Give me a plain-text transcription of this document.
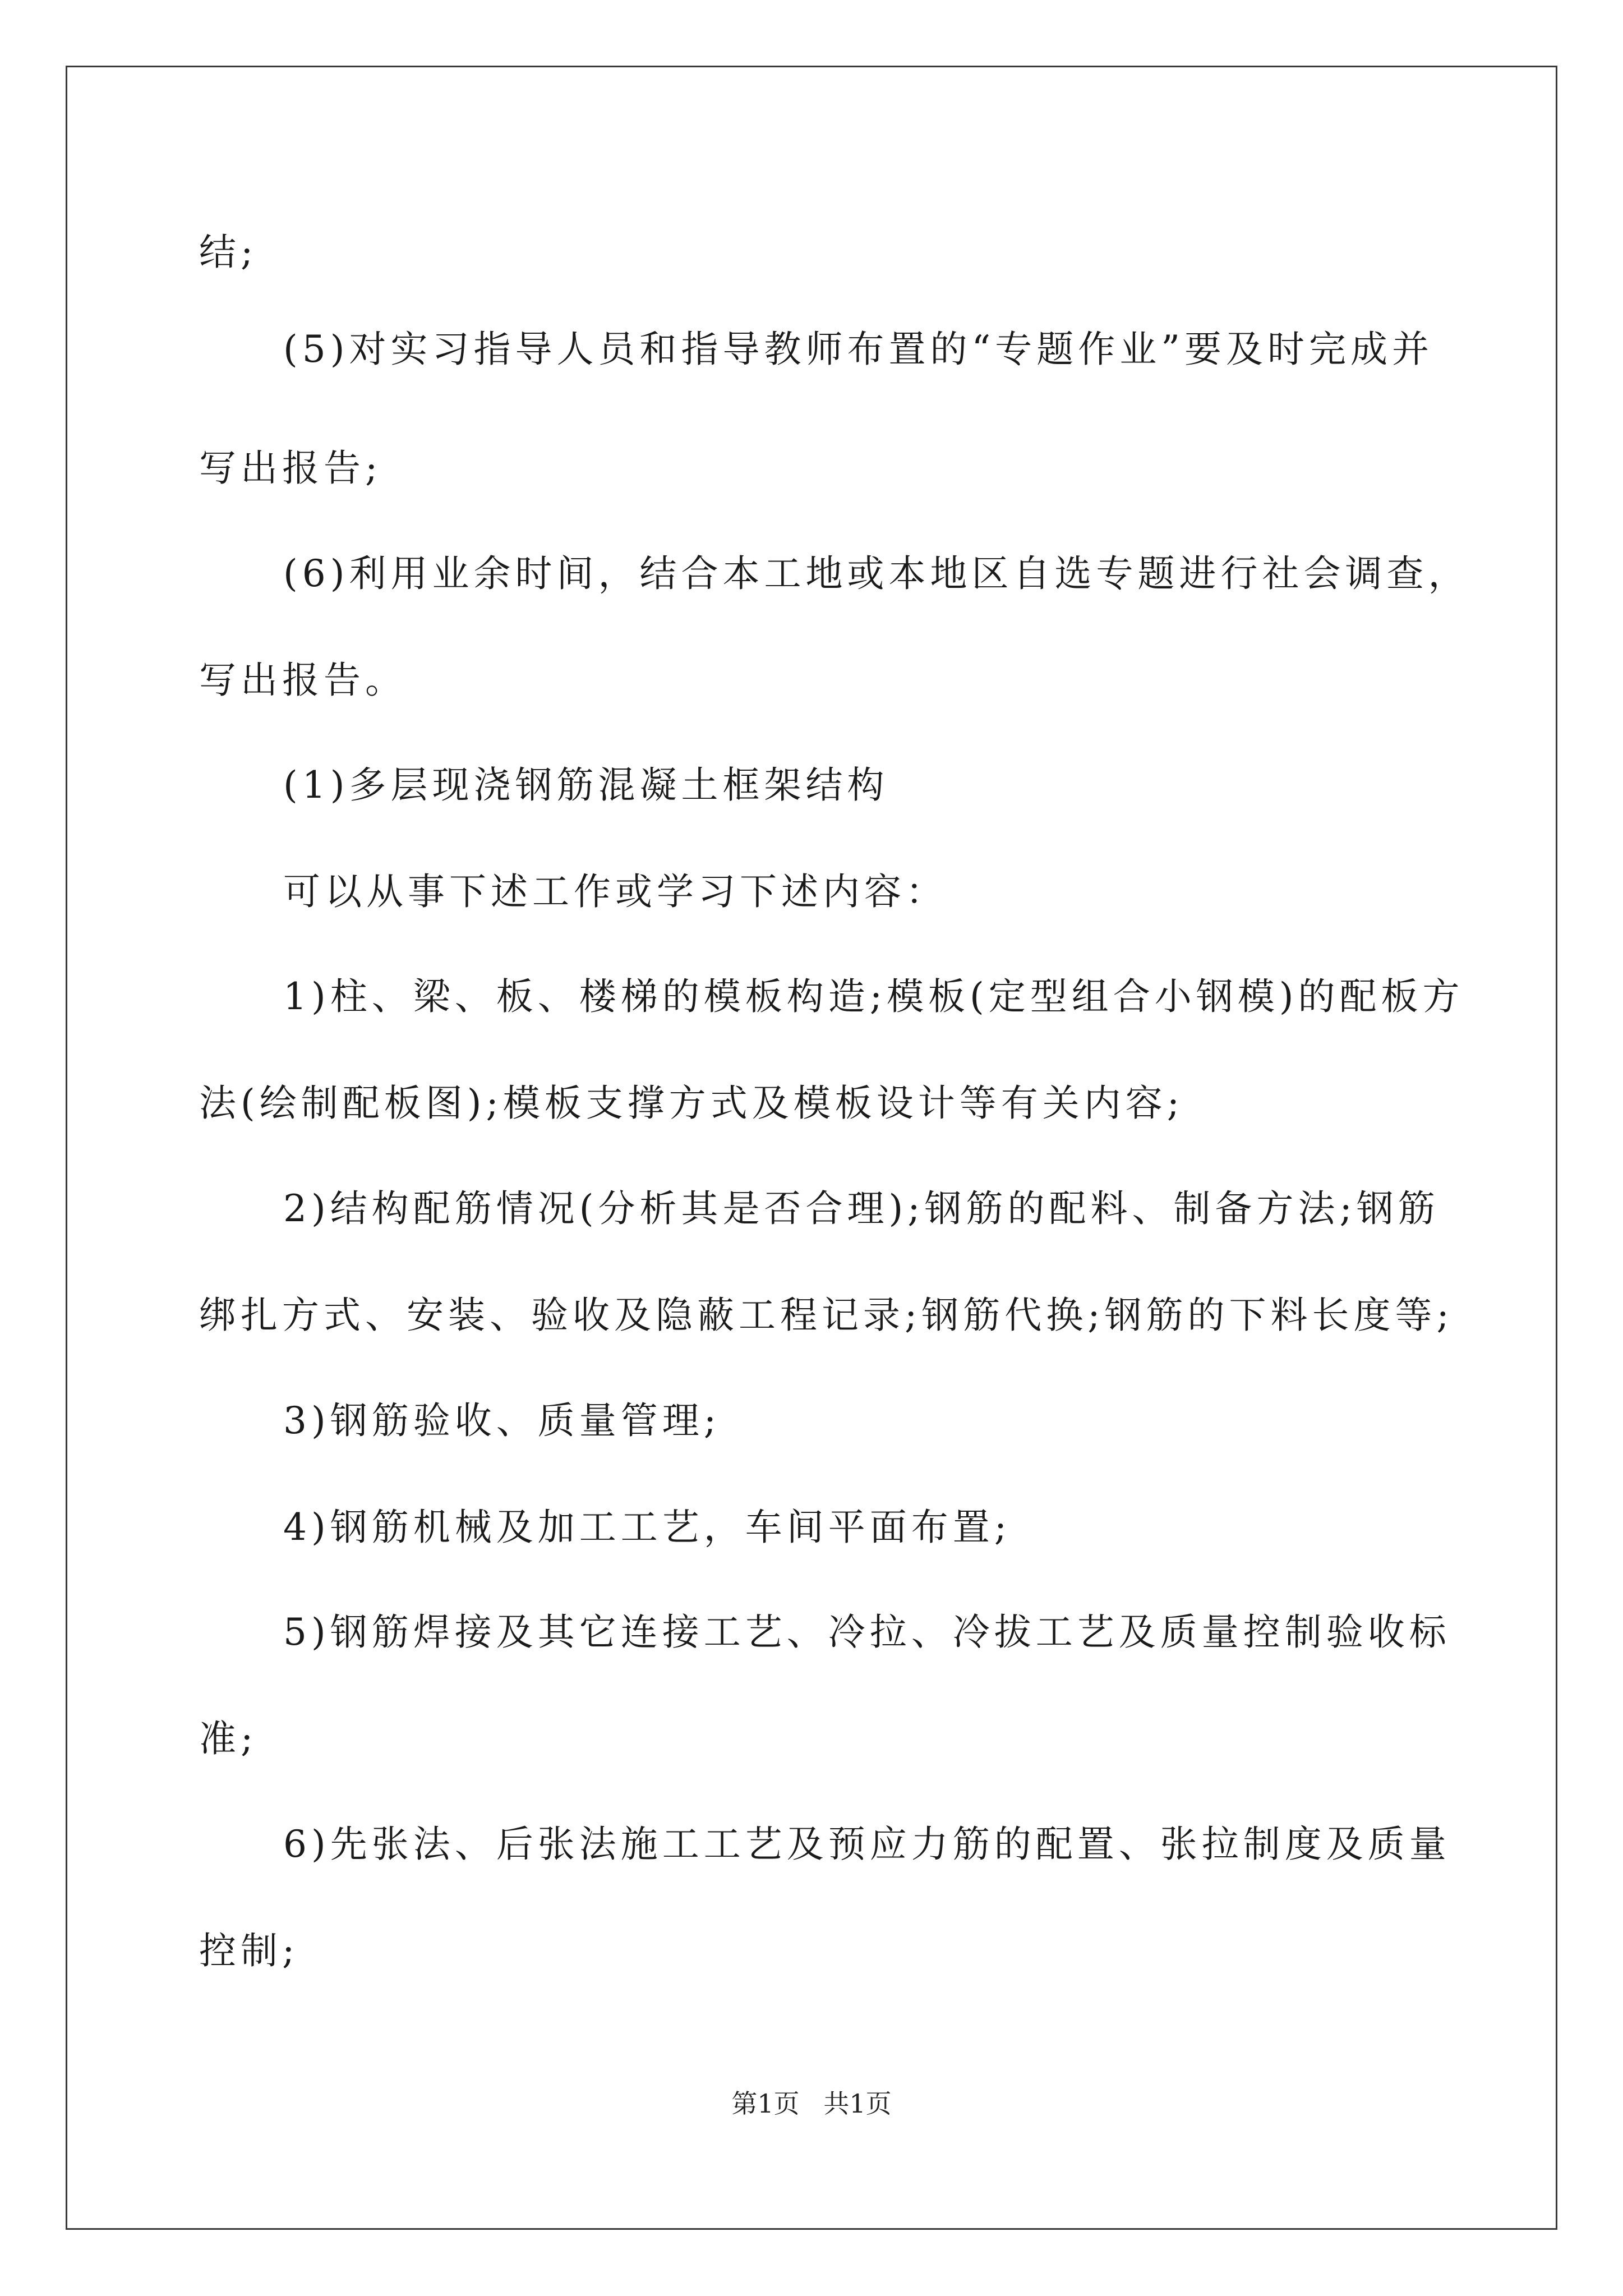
结;
(5)对实习指导人员和指导教师布置的“专题作业”要及时完成并
写出报告;
(6)利用业余时间，结合本工地或本地区自选专题进行社会调查，
写出报告。
(1)多层现浇钢筋混凝土框架结构
可以从事下述工作或学习下述内容：
1)柱、梁、板、楼梯的模板构造;模板(定型组合小钢模)的配板方
法(绘制配板图);模板支撑方式及模板设计等有关内容;
2)结构配筋情况(分析其是否合理);钢筋的配料、制备方法;钢筋
绑扎方式、安装、验收及隐蔽工程记录;钢筋代换;钢筋的下料长度等;
3)钢筋验收、质量管理;
4)钢筋机械及加工工艺，车间平面布置;
5)钢筋焊接及其它连接工艺、冷拉、冷拔工艺及质量控制验收标
准;
6)先张法、后张法施工工艺及预应力筋的配置、张拉制度及质量
控制;
第1页 共1页
